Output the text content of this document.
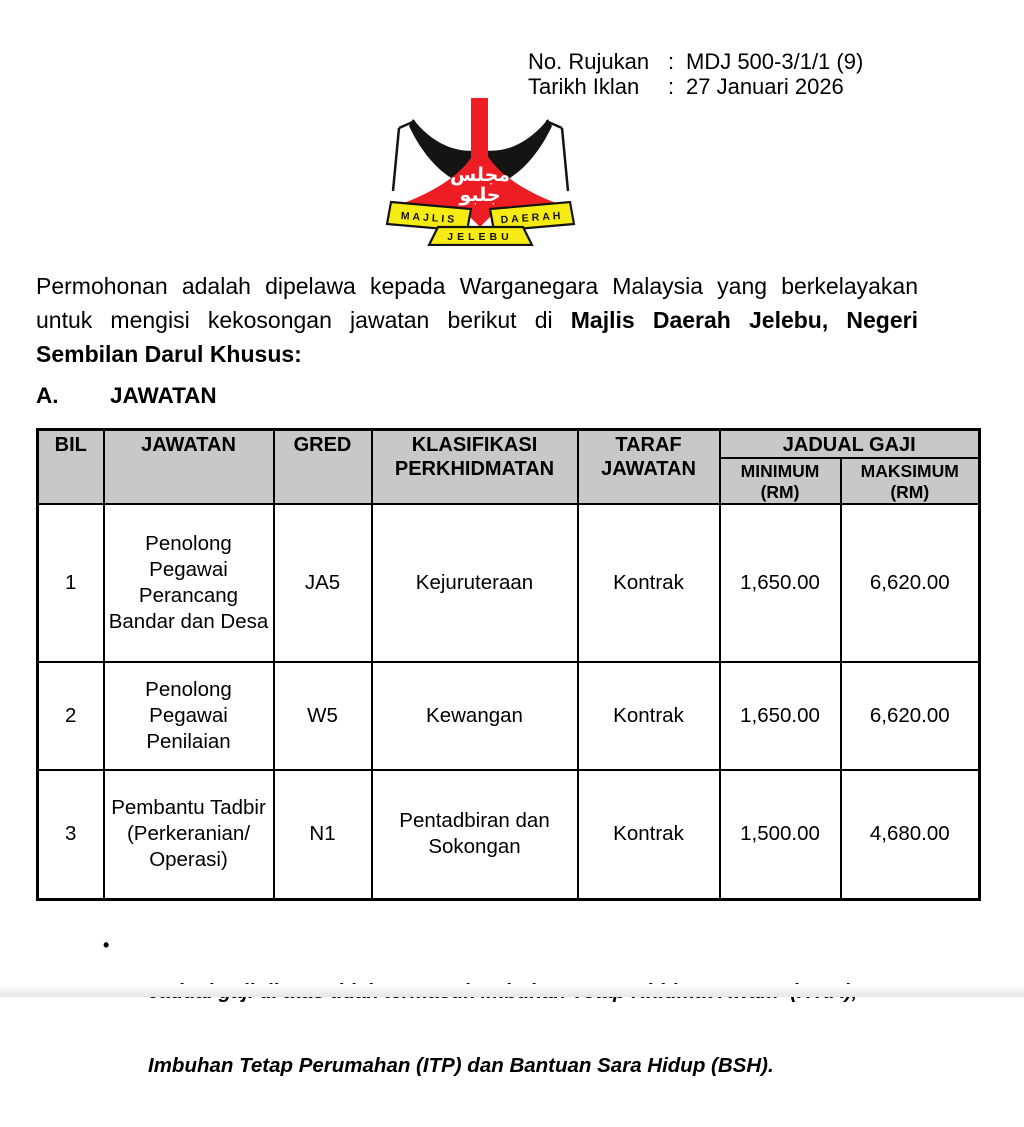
No. Rujukan : MDJ 500-3/1/1 (9)
Tarikh Iklan	: 27 Januari 2026
مجلس
جلبو
MAJLIS	DAERAH
JELEBU

Permohonan adalah dipelawa kepada Warganegara Malaysia yang berkelayakan untuk mengisi kekosongan jawatan berikut di Majlis Daerah Jelebu, Negeri Sembilan Darul Khusus:

A. JAWATAN
BIL	JAWATAN	GRED	KLASIFIKASI PERKHIDMATAN	TARAF JAWATAN	JADUAL GAJI	
					MINIMUM (RM)	MAKSIMUM (RM)
1	Penolong Pegawai Perancang Bandar dan Desa	JA5	Kejuruteraan	Kontrak	1,650.00	6,620.00
2	Penolong Pegawai Penilaian	W5	Kewangan	Kontrak	1,650.00	6,620.00
3	Pembantu Tadbir (Perkeranian/ Operasi)	N1	Pentadbiran dan Sokongan	Kontrak	1,500.00	4,680.00
•

Imbuhan Tetap Perumahan (ITP) dan Bantuan Sara Hidup (BSH).
